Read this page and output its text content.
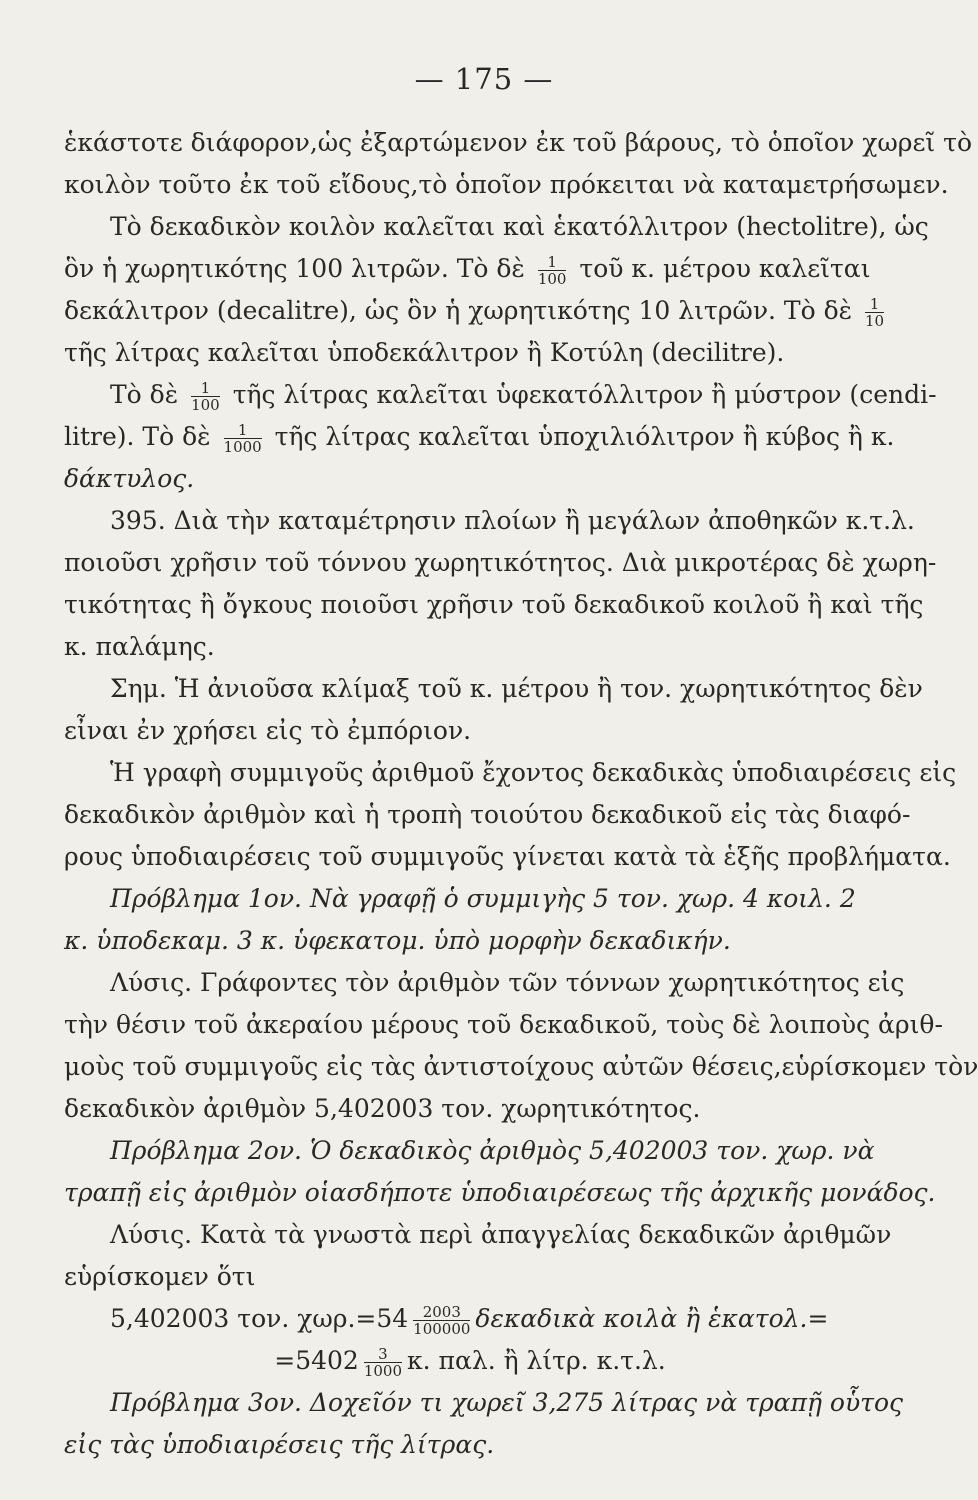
— 175 —
ἑκάστοτε διάφορον,ὡς ἐξαρτώμενον ἐκ τοῦ βάρους, τὸ ὁποῖον χωρεῖ τὸ
κοιλὸν τοῦτο ἐκ τοῦ εἴδους,τὸ ὁποῖον πρόκειται νὰ καταμετρήσωμεν.
Τὸ δεκαδικὸν κοιλὸν καλεῖται καὶ ἑκατόλλιτρον (hectolitre), ὡς
ὃν ἡ χωρητικότης 100 λιτρῶν. Τὸ δὲ $\frac{1}{100}$ τοῦ κ. μέτρου καλεῖται
δεκάλιτρον (decalitre), ὡς ὃν ἡ χωρητικότης 10 λιτρῶν. Τὸ δὲ $\frac{1}{10}$
τῆς λίτρας καλεῖται ὑποδεκάλιτρον ἢ Κοτύλη (decilitre).
Τὸ δὲ $\frac{1}{100}$ τῆς λίτρας καλεῖται ὑφεκατόλλιτρον ἢ μύστρον (cendi-
litre). Τὸ δὲ $\frac{1}{1000}$ τῆς λίτρας καλεῖται ὑποχιλιόλιτρον ἢ κύβος ἢ κ.
δάκτυλος.
395. Διὰ τὴν καταμέτρησιν πλοίων ἢ μεγάλων ἀποθηκῶν κ.τ.λ.
ποιοῦσι χρῆσιν τοῦ τόννου χωρητικότητος. Διὰ μικροτέρας δὲ χωρη-
τικότητας ἢ ὄγκους ποιοῦσι χρῆσιν τοῦ δεκαδικοῦ κοιλοῦ ἢ καὶ τῆς
κ. παλάμης.
Σημ. Ἡ ἀνιοῦσα κλίμαξ τοῦ κ. μέτρου ἢ τον. χωρητικότητος δὲν
εἶναι ἐν χρήσει εἰς τὸ ἐμπόριον.
Ἡ γραφὴ συμμιγοῦς ἀριθμοῦ ἔχοντος δεκαδικὰς ὑποδιαιρέσεις εἰς
δεκαδικὸν ἀριθμὸν καὶ ἡ τροπὴ τοιούτου δεκαδικοῦ εἰς τὰς διαφό-
ρους ὑποδιαιρέσεις τοῦ συμμιγοῦς γίνεται κατὰ τὰ ἑξῆς προβλήματα.
Πρόβλημα 1ον. Νὰ γραφῇ ὁ συμμιγὴς 5 τον. χωρ. 4 κοιλ. 2
κ. ὑποδεκαμ. 3 κ. ὑφεκατομ. ὑπὸ μορφὴν δεκαδικήν.
Λύσις. Γράφοντες τὸν ἀριθμὸν τῶν τόννων χωρητικότητος εἰς
τὴν θέσιν τοῦ ἀκεραίου μέρους τοῦ δεκαδικοῦ, τοὺς δὲ λοιποὺς ἀριθ-
μοὺς τοῦ συμμιγοῦς εἰς τὰς ἀντιστοίχους αὐτῶν θέσεις,εὑρίσκομεν τὸν
δεκαδικὸν ἀριθμὸν 5,402003 τον. χωρητικότητος.
Πρόβλημα 2ον. Ὁ δεκαδικὸς ἀριθμὸς 5,402003 τον. χωρ. νὰ
τραπῇ εἰς ἀριθμὸν οἱασδήποτε ὑποδιαιρέσεως τῆς ἀρχικῆς μονάδος.
Λύσις. Κατὰ τὰ γνωστὰ περὶ ἀπαγγελίας δεκαδικῶν ἀριθμῶν
εὑρίσκομεν ὅτι
5,402003 τον. $\chi\omega\rho.=54 \frac{2003}{100000}$ δεκαδικὰ κοιλὰ ἢ ἑκατολ.=
$=5402 \frac{3}{1000} \kappa$. παλ. ἢ λίτρ. κ.τ.λ.
Πρόβλημα 3ον. Δοχεῖόν τι χωρεῖ 3,275 λίτρας νὰ τραπῇ οὗτος
εἰς τὰς ὑποδιαιρέσεις τῆς λίτρας.
